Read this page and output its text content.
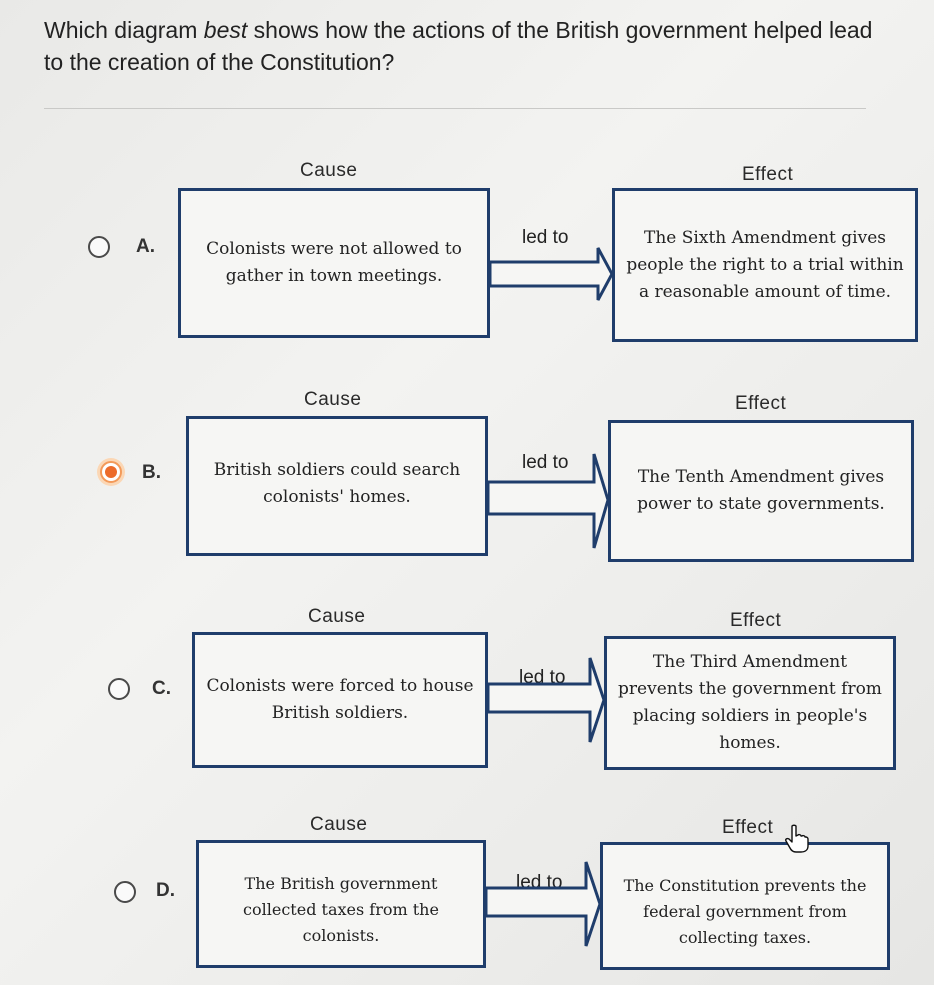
Which diagram best shows how the actions of the British government helped lead to the creation of the Constitution?
A.
Cause	Effect
Colonists were not allowed to gather in town meetings.
led to	The Sixth Amendment gives people the right to a trial within a reasonable amount of time.
B.
Cause	Effect
British soldiers could search colonists' homes.
led to
The Tenth Amendment gives power to state governments.
C.
Cause	Effect
Colonists were forced to house British soldiers.
led to
The Third Amendment prevents the government from placing soldiers in people's homes.
D.
Cause	Effect
The British government collected taxes from the colonists.
led to	The Constitution prevents the federal government from collecting taxes.
